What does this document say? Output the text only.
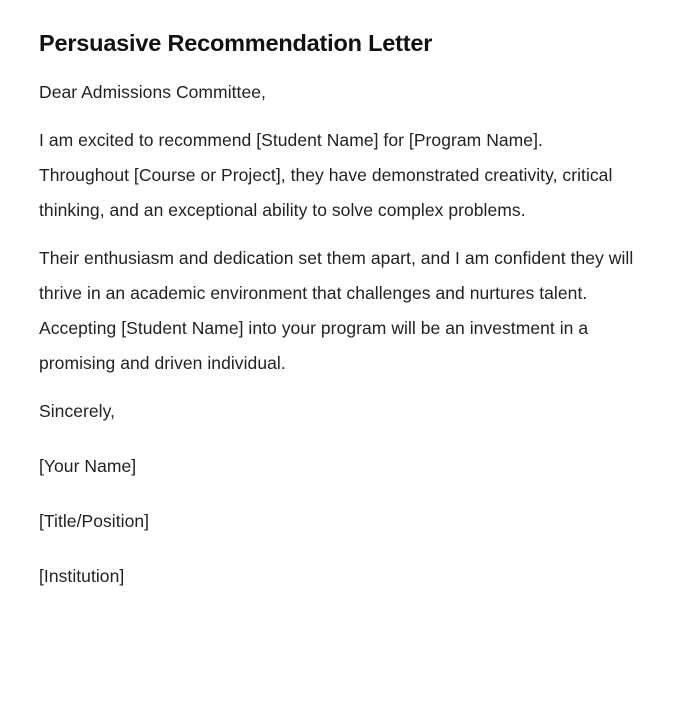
Persuasive Recommendation Letter

Dear Admissions Committee,

I am excited to recommend [Student Name] for [Program Name]. Throughout [Course or Project], they have demonstrated creativity, critical thinking, and an exceptional ability to solve complex problems.

Their enthusiasm and dedication set them apart, and I am confident they will thrive in an academic environment that challenges and nurtures talent. Accepting [Student Name] into your program will be an investment in a promising and driven individual.

Sincerely,

[Your Name]

[Title/Position]

[Institution]
